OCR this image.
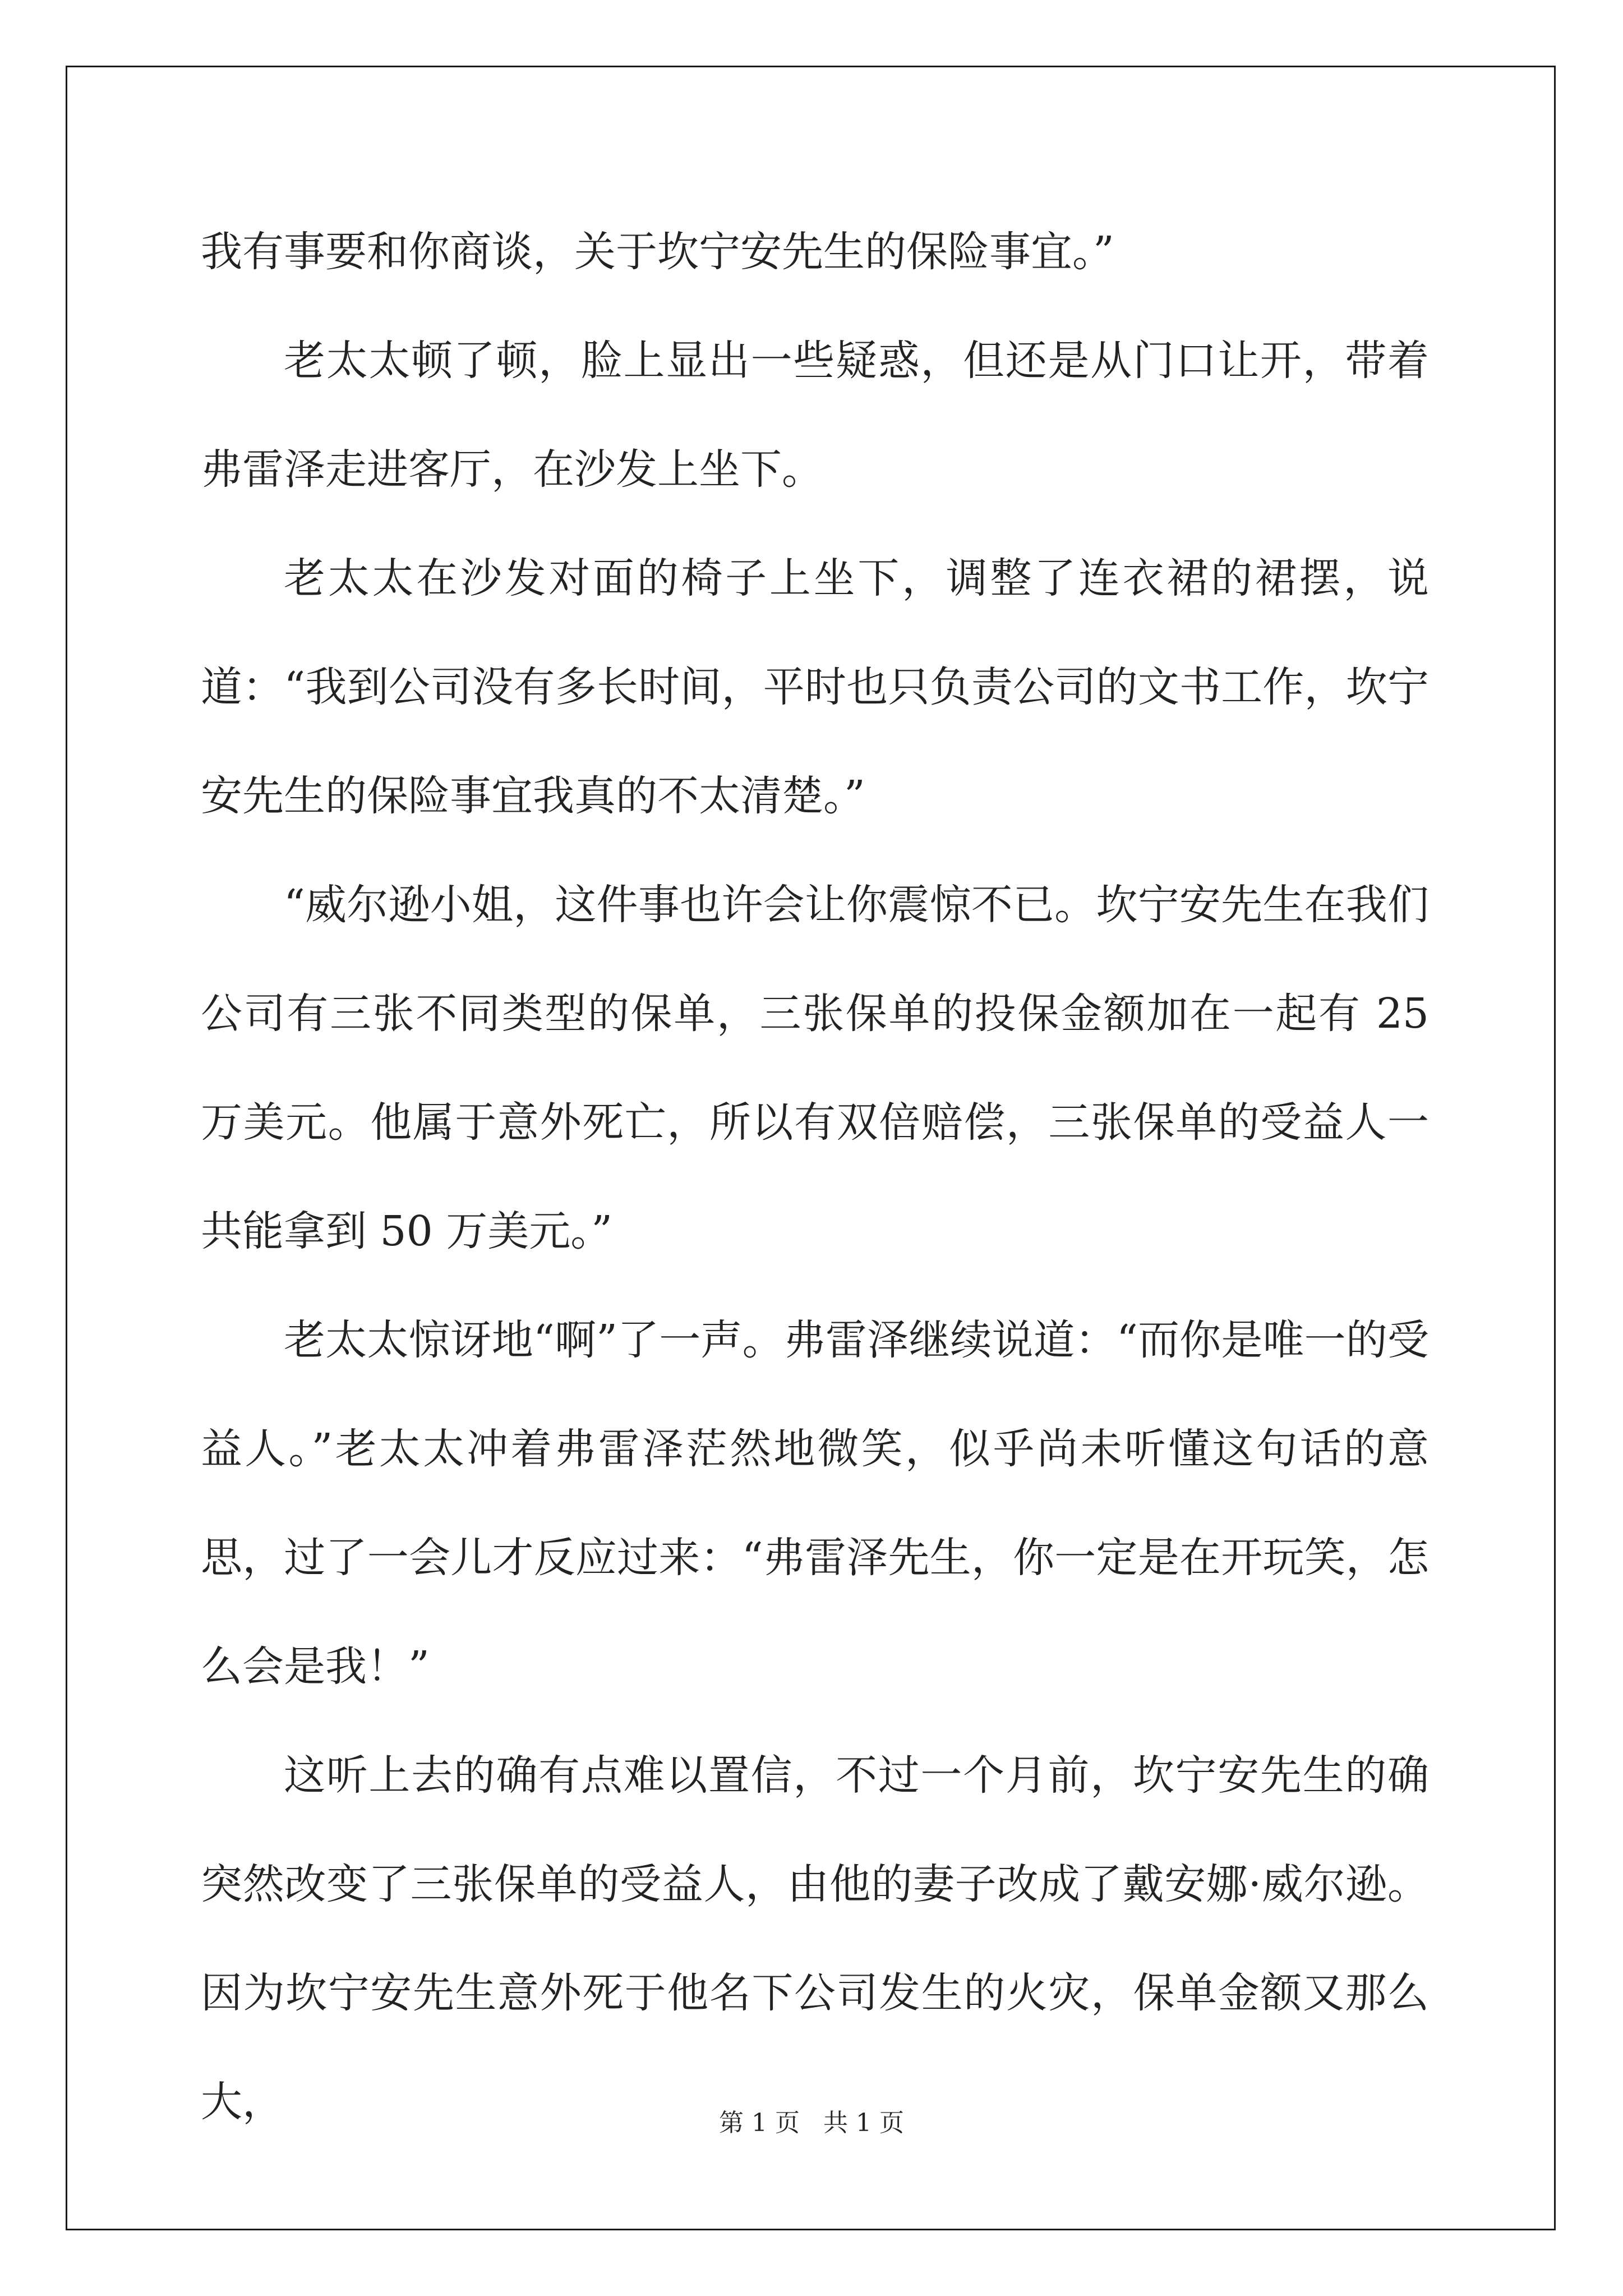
我有事要和你商谈，关于坎宁安先生的保险事宜。”

老太太顿了顿，脸上显出一些疑惑，但还是从门口让开，带着弗雷泽走进客厅，在沙发上坐下。

老太太在沙发对面的椅子上坐下，调整了连衣裙的裙摆，说道：“我到公司没有多长时间，平时也只负责公司的文书工作，坎宁安先生的保险事宜我真的不太清楚。”

“威尔逊小姐，这件事也许会让你震惊不已。坎宁安先生在我们公司有三张不同类型的保单，三张保单的投保金额加在一起有 25 万美元。他属于意外死亡，所以有双倍赔偿，三张保单的受益人一共能拿到 50 万美元。”

老太太惊讶地“啊”了一声。弗雷泽继续说道：“而你是唯一的受益人。”老太太冲着弗雷泽茫然地微笑，似乎尚未听懂这句话的意思，过了一会儿才反应过来：“弗雷泽先生，你一定是在开玩笑，怎么会是我！”

这听上去的确有点难以置信，不过一个月前，坎宁安先生的确突然改变了三张保单的受益人，由他的妻子改成了戴安娜·威尔逊。因为坎宁安先生意外死于他名下公司发生的火灾，保单金额又那么大，	第 1 页   共 1 页
